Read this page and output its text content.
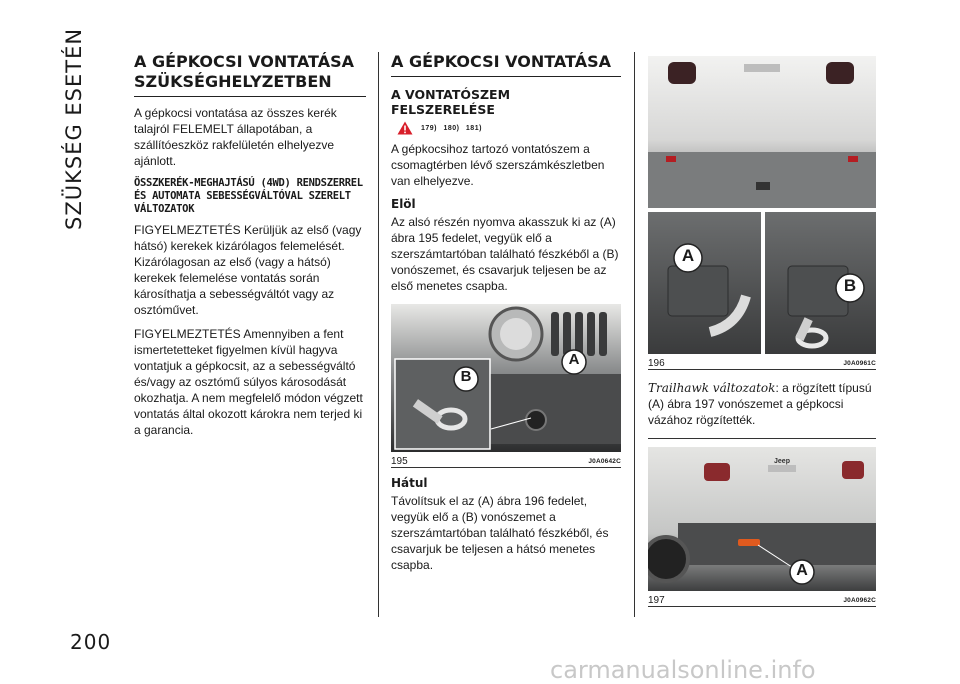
SZÜKSÉG ESETÉN
200
A GÉPKOCSI VONTATÁSA
SZÜKSÉGHELYZETBEN

A gépkocsi vontatása az összes kerék talajról FELEMELT állapotában, a szállítóeszköz rakfelületén elhelyezve ajánlott.

ÖSSZKERÉK-MEGHAJTÁSÚ (4WD) RENDSZERREL ÉS AUTOMATA SEBESSÉGVÁLTÓVAL SZERELT VÁLTOZATOK

FIGYELMEZTETÉS Kerüljük az első (vagy hátsó) kerekek kizárólagos felemelését. Kizárólagosan az első (vagy a hátsó) kerekek felemelése vontatás során károsíthatja a sebességváltót vagy az osztóművet.

FIGYELMEZTETÉS Amennyiben a fent ismertetetteket figyelmen kívül hagyva vontatjuk a gépkocsit, az a sebességváltó és/vagy az osztómű súlyos károsodását okozhatja. A nem megfelelő módon végzett vontatás által okozott károkra nem terjed ki a garancia.

A GÉPKOCSI VONTATÁSA
A VONTATÓSZEM
FELSZERELÉSE
179) 180) 181)

A gépkocsihoz tartozó vontatószem a csomagtérben lévő szerszámkészletben van elhelyezve.

Elöl

Az alsó részén nyomva akasszuk ki az (A) ábra 195 fedelet, vegyük elő a szerszámtartóban található fészkéből a (B) vonószemet, és csavarjuk teljesen be az első menetes csapba.

B
A
195	J0A0642C
Hátul

Távolítsuk el az (A) ábra 196 fedelet, vegyük elő a (B) vonószemet a szerszámtartóban található fészkéből, és csavarjuk be teljesen a hátsó menetes csapba.

A
B
196	J0A0961C

Trailhawk változatok: a rögzített típusú (A) ábra 197 vonószemet a gépkocsi vázához rögzítették.

Jeep
A
197	J0A0962C
carmanualsonline.info
